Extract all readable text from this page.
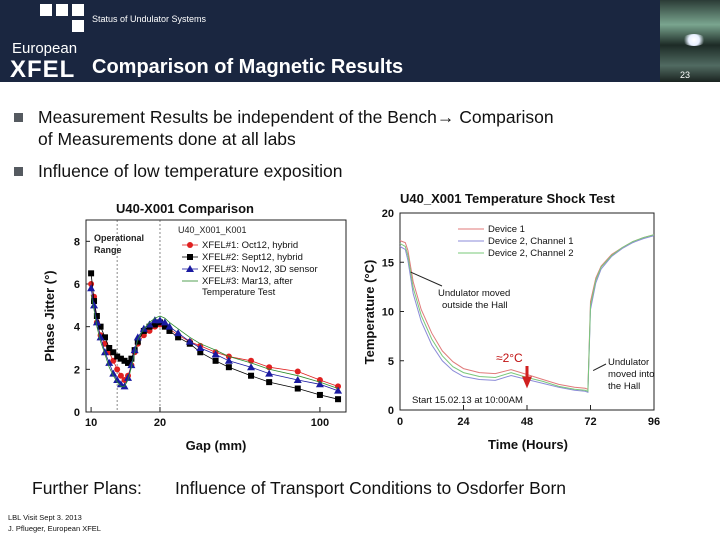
European
XFEL
Status of Undulator Systems
Comparison of Magnetic Results	23
Measurement Results be independent of the Bench→ Comparison
of Measurements done at all labs
Influence of low temperature exposition
U40-X001 Comparison
0
2
4
6
8
10	20	100
Operational
Range
U40_X001_K001
XFEL#1: Oct12, hybrid
XFEL#2: Sept12, hybrid
XFEL#3: Nov12, 3D sensor
XFEL#3: Mar13, after
Temperature Test
Gap (mm)
Phase Jitter (°)
U40_X001 Temperature Shock Test
0
5
10
15
20
0	24	48	72	96
Device 1
Device 2, Channel 1
Device 2, Channel 2
Undulator moved
outside the Hall
Undulator
moved into
the Hall
Start 15.02.13 at 10:00AM
≈2°C
Time (Hours)
Temperature (°C)
Further Plans: Influence of Transport Conditions to Osdorfer Born
LBL Visit Sept 3. 2013
J. Pflueger, European XFEL
